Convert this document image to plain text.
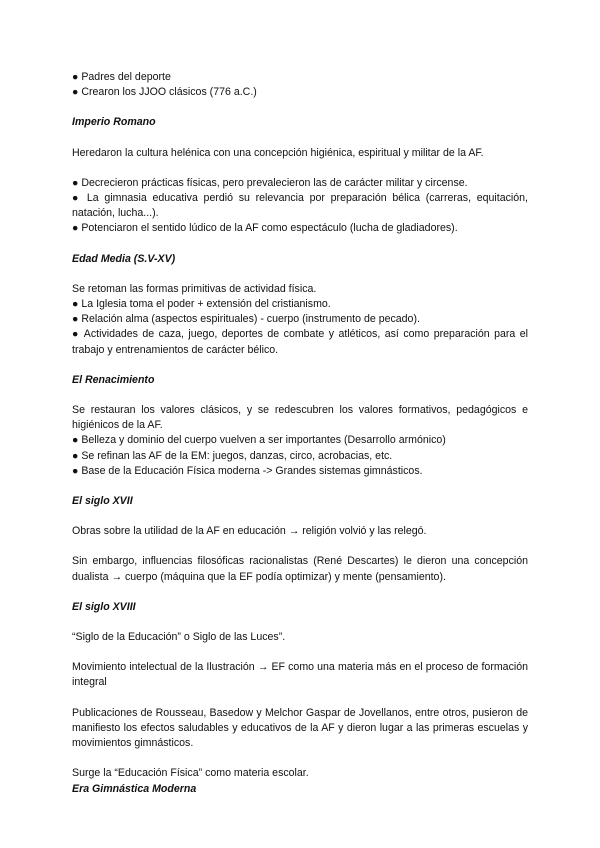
● Padres del deporte

● Crearon los JJOO clásicos (776 a.C.)

Imperio Romano

Heredaron la cultura helénica con una concepción higiénica, espiritual y militar de la AF.

● Decrecieron prácticas físicas, pero prevalecieron las de carácter militar y circense.

● La gimnasia educativa perdió su relevancia por preparación bélica (carreras, equitación, natación, lucha...).

● Potenciaron el sentido lúdico de la AF como espectáculo (lucha de gladiadores).

Edad Media (S.V-XV)

Se retoman las formas primitivas de actividad física.

● La Iglesia toma el poder + extensión del cristianismo.

● Relación alma (aspectos espirituales) - cuerpo (instrumento de pecado).

● Actividades de caza, juego, deportes de combate y atléticos, así como preparación para el trabajo y entrenamientos de carácter bélico.

El Renacimiento

Se restauran los valores clásicos, y se redescubren los valores formativos, pedagógicos e higiénicos de la AF.

● Belleza y dominio del cuerpo vuelven a ser importantes (Desarrollo armónico)

● Se refinan las AF de la EM: juegos, danzas, circo, acrobacias, etc.

● Base de la Educación Física moderna -> Grandes sistemas gimnásticos.

El siglo XVII

Obras sobre la utilidad de la AF en educación → religión volvió y las relegó.

Sin embargo, influencias filosóficas racionalistas (René Descartes) le dieron una concepción dualista → cuerpo (máquina que la EF podía optimizar) y mente (pensamiento).

El siglo XVIII

“Siglo de la Educación” o Siglo de las Luces”.

Movimiento intelectual de la Ilustración → EF como una materia más en el proceso de formación integral

Publicaciones de Rousseau, Basedow y Melchor Gaspar de Jovellanos, entre otros, pusieron de manifiesto los efectos saludables y educativos de la AF y dieron lugar a las primeras escuelas y movimientos gimnásticos.

Surge la “Educación Física” como materia escolar.

Era Gimnástica Moderna
